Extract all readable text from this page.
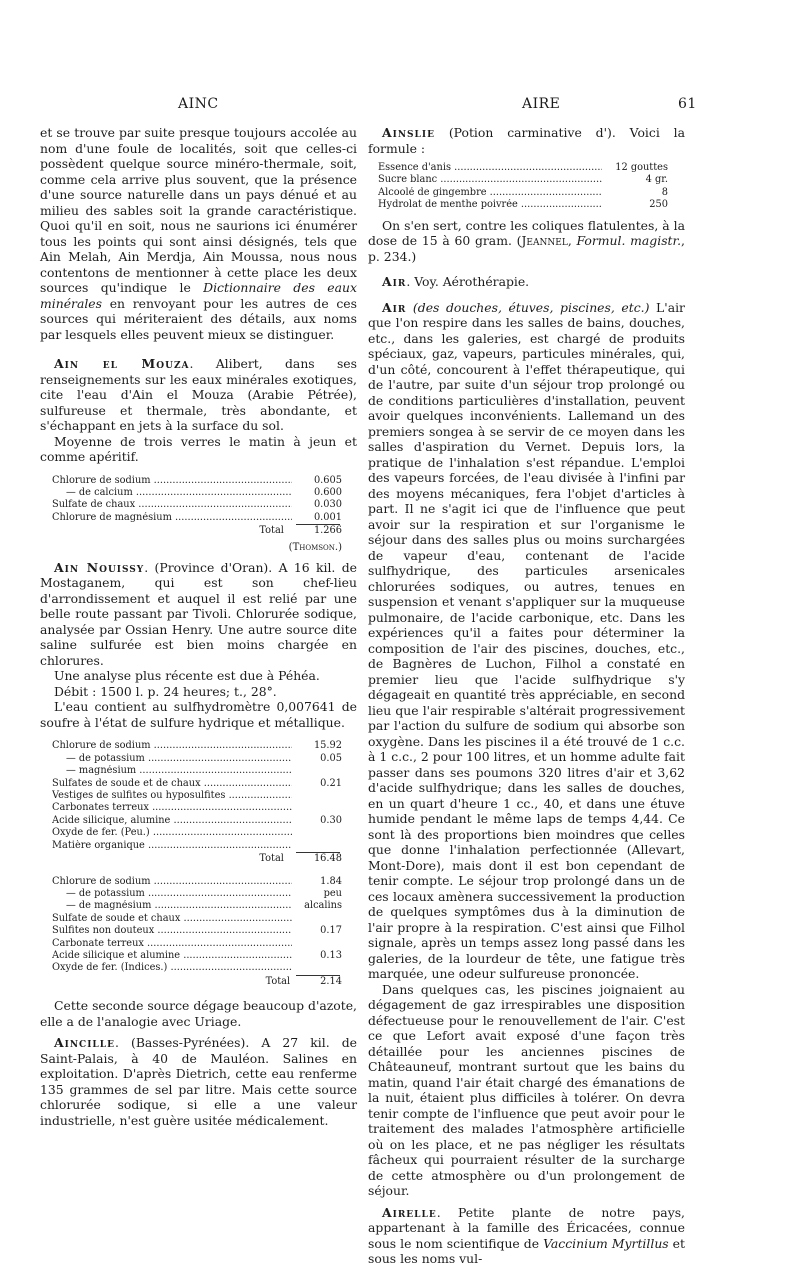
AINC	AIRE	61

et se trouve par suite presque toujours accolée au nom d'une foule de localités, soit que celles-ci possèdent quelque source minéro-thermale, soit, comme cela arrive plus souvent, que la présence d'une source naturelle dans un pays dénué et au milieu des sables soit la grande caractéristique. Quoi qu'il en soit, nous ne saurions ici énumérer tous les points qui sont ainsi désignés, tels que Ain Melah, Ain Merdja, Ain Moussa, nous nous contentons de mentionner à cette place les deux sources qu'indique le Dictionnaire des eaux minérales en renvoyant pour les autres de ces sources qui mériteraient des détails, aux noms par lesquels elles peuvent mieux se distinguer.

Ain el Mouza. Alibert, dans ses renseignements sur les eaux minérales exotiques, cite l'eau d'Ain el Mouza (Arabie Pétrée), sulfureuse et thermale, très abondante, et s'échappant en jets à la surface du sol.

Moyenne de trois verres le matin à jeun et comme apéritif.

Chlorure de sodium .....	0.605
— de calcium .....	0.600
Sulfate de chaux .....	0.030
Chlorure de magnésium .....	0.001
Total	1.266
(Thomson.)

Ain Nouissy. (Province d'Oran). A 16 kil. de Mostaganem, qui est son chef-lieu d'arrondissement et auquel il est relié par une belle route passant par Tivoli. Chlorurée sodique, analysée par Ossian Henry. Une autre source dite saline sulfurée est bien moins chargée en chlorures.

Une analyse plus récente est due à Péhéa.

Débit : 1500 l. p. 24 heures; t., 28°.

L'eau contient au sulfhydromètre 0,007641 de soufre à l'état de sulfure hydrique et métallique.

Chlorure de sodium .....	15.92
— de potassium .....	0.05
— magnésium .....
Sulfates de soude et de chaux .....	0.21
Vestiges de sulfites ou hyposulfites .....
Carbonates terreux .....
Acide silicique, alumine .....	0.30
Oxyde de fer. (Peu.) .....
Matière organique .....
Total	16.48
Chlorure de sodium .....	1.84
— de potassium .....	peu
— de magnésium .....	alcalins
Sulfate de soude et chaux .....
Sulfites non douteux .....	0.17
Carbonate terreux .....
Acide silicique et alumine .....	0.13
Oxyde de fer. (Indices.) .....
Total	2.14

Cette seconde source dégage beaucoup d'azote, elle a de l'analogie avec Uriage.

Aincille. (Basses-Pyrénées). A 27 kil. de Saint-Palais, à 40 de Mauléon. Salines en exploitation. D'après Dietrich, cette eau renferme 135 grammes de sel par litre. Mais cette source chlorurée sodique, si elle a une valeur industrielle, n'est guère usitée médicalement.

Ainslie (Potion carminative d'). Voici la formule :

Essence d'anis .....	12 gouttes
Sucre blanc .....	4 gr.
Alcoolé de gingembre .....	8
Hydrolat de menthe poivrée .....	250

On s'en sert, contre les coliques flatulentes, à la dose de 15 à 60 gram. (Jeannel, Formul. magistr., p. 234.)

Air. Voy. Aérothérapie.

Air (des douches, étuves, piscines, etc.) L'air que l'on respire dans les salles de bains, douches, etc., dans les galeries, est chargé de produits spéciaux, gaz, vapeurs, particules minérales, qui, d'un côté, concourent à l'effet thérapeutique, qui de l'autre, par suite d'un séjour trop prolongé ou de conditions particulières d'installation, peuvent avoir quelques inconvénients. Lallemand un des premiers songea à se servir de ce moyen dans les salles d'aspiration du Vernet. Depuis lors, la pratique de l'inhalation s'est répandue. L'emploi des vapeurs forcées, de l'eau divisée à l'infini par des moyens mécaniques, fera l'objet d'articles à part. Il ne s'agit ici que de l'influence que peut avoir sur la respiration et sur l'organisme le séjour dans des salles plus ou moins surchargées de vapeur d'eau, contenant de l'acide sulfhydrique, des particules arsenicales chlorurées sodiques, ou autres, tenues en suspension et venant s'appliquer sur la muqueuse pulmonaire, de l'acide carbonique, etc. Dans les expériences qu'il a faites pour déterminer la composition de l'air des piscines, douches, etc., de Bagnères de Luchon, Filhol a constaté en premier lieu que l'acide sulfhydrique s'y dégageait en quantité très appréciable, en second lieu que l'air respirable s'altérait progressivement par l'action du sulfure de sodium qui absorbe son oxygène. Dans les piscines il a été trouvé de 1 c.c. à 1 c.c., 2 pour 100 litres, et un homme adulte fait passer dans ses poumons 320 litres d'air et 3,62 d'acide sulfhydrique; dans les salles de douches, en un quart d'heure 1 cc., 40, et dans une étuve humide pendant le même laps de temps 4,44. Ce sont là des proportions bien moindres que celles que donne l'inhalation perfectionnée (Allevart, Mont-Dore), mais dont il est bon cependant de tenir compte. Le séjour trop prolongé dans un de ces locaux amènera successivement la production de quelques symptômes dus à la diminution de l'air propre à la respiration. C'est ainsi que Filhol signale, après un temps assez long passé dans les galeries, de la lourdeur de tête, une fatigue très marquée, une odeur sulfureuse prononcée.

Dans quelques cas, les piscines joignaient au dégagement de gaz irrespirables une disposition défectueuse pour le renouvellement de l'air. C'est ce que Lefort avait exposé d'une façon très détaillée pour les anciennes piscines de Châteauneuf, montrant surtout que les bains du matin, quand l'air était chargé des émanations de la nuit, étaient plus difficiles à tolérer. On devra tenir compte de l'influence que peut avoir pour le traitement des malades l'atmosphère artificielle où on les place, et ne pas négliger les résultats fâcheux qui pourraient résulter de la surcharge de cette atmosphère ou d'un prolongement de séjour.

Airelle. Petite plante de notre pays, appartenant à la famille des Éricacées, connue sous le nom scientifique de Vaccinium Myrtillus et sous les noms vul-
